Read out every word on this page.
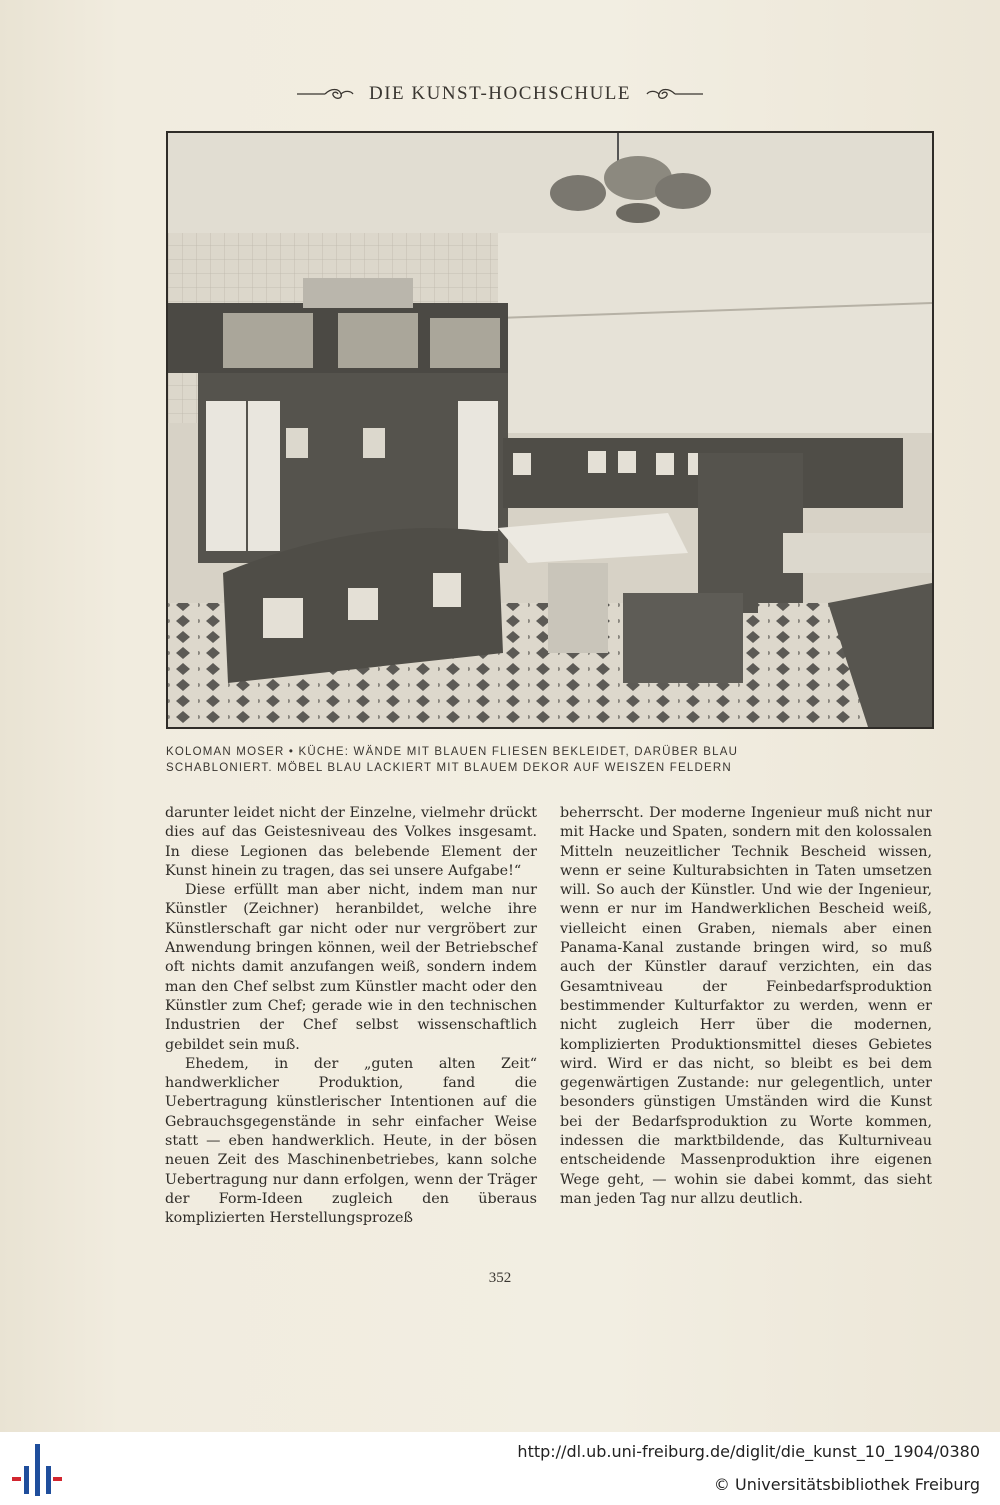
DIE KUNST-HOCHSCHULE
KOLOMAN MOSER • KÜCHE: WÄNDE MIT BLAUEN FLIESEN BEKLEIDET, DARÜBER BLAU
SCHABLONIERT. MÖBEL BLAU LACKIERT MIT BLAUEM DEKOR AUF WEISZEN FELDERN

darunter leidet nicht der Einzelne, vielmehr drückt dies auf das Geistesniveau des Volkes insgesamt. In diese Legionen das belebende Element der Kunst hinein zu tragen, das sei unsere Aufgabe!“

Diese erfüllt man aber nicht, indem man nur Künstler (Zeichner) heranbildet, welche ihre Künstlerschaft gar nicht oder nur vergröbert zur Anwendung bringen können, weil der Betriebschef oft nichts damit anzufangen weiß, sondern indem man den Chef selbst zum Künstler macht oder den Künstler zum Chef; gerade wie in den technischen Industrien der Chef selbst wissenschaftlich gebildet sein muß.

Ehedem, in der „guten alten Zeit“ handwerklicher Produktion, fand die Uebertragung künstlerischer Intentionen auf die Gebrauchsgegenstände in sehr einfacher Weise statt — eben handwerklich. Heute, in der bösen neuen Zeit des Maschinenbetriebes, kann solche Uebertragung nur dann erfolgen, wenn der Träger der Form-Ideen zugleich den überaus komplizierten Herstellungsprozeß

beherrscht. Der moderne Ingenieur muß nicht nur mit Hacke und Spaten, sondern mit den kolossalen Mitteln neuzeitlicher Technik Bescheid wissen, wenn er seine Kulturabsichten in Taten umsetzen will. So auch der Künstler. Und wie der Ingenieur, wenn er nur im Handwerklichen Bescheid weiß, vielleicht einen Graben, niemals aber einen Panama-Kanal zustande bringen wird, so muß auch der Künstler darauf verzichten, ein das Gesamtniveau der Feinbedarfsproduktion bestimmender Kulturfaktor zu werden, wenn er nicht zugleich Herr über die modernen, komplizierten Produktionsmittel dieses Gebietes wird. Wird er das nicht, so bleibt es bei dem gegenwärtigen Zustande: nur gelegentlich, unter besonders günstigen Umständen wird die Kunst bei der Bedarfsproduktion zu Worte kommen, indessen die marktbildende, das Kulturniveau entscheidende Massenproduktion ihre eigenen Wege geht, — wohin sie dabei kommt, das sieht man jeden Tag nur allzu deutlich.

352
http://dl.ub.uni-freiburg.de/diglit/die_kunst_10_1904/0380
© Universitätsbibliothek Freiburg
